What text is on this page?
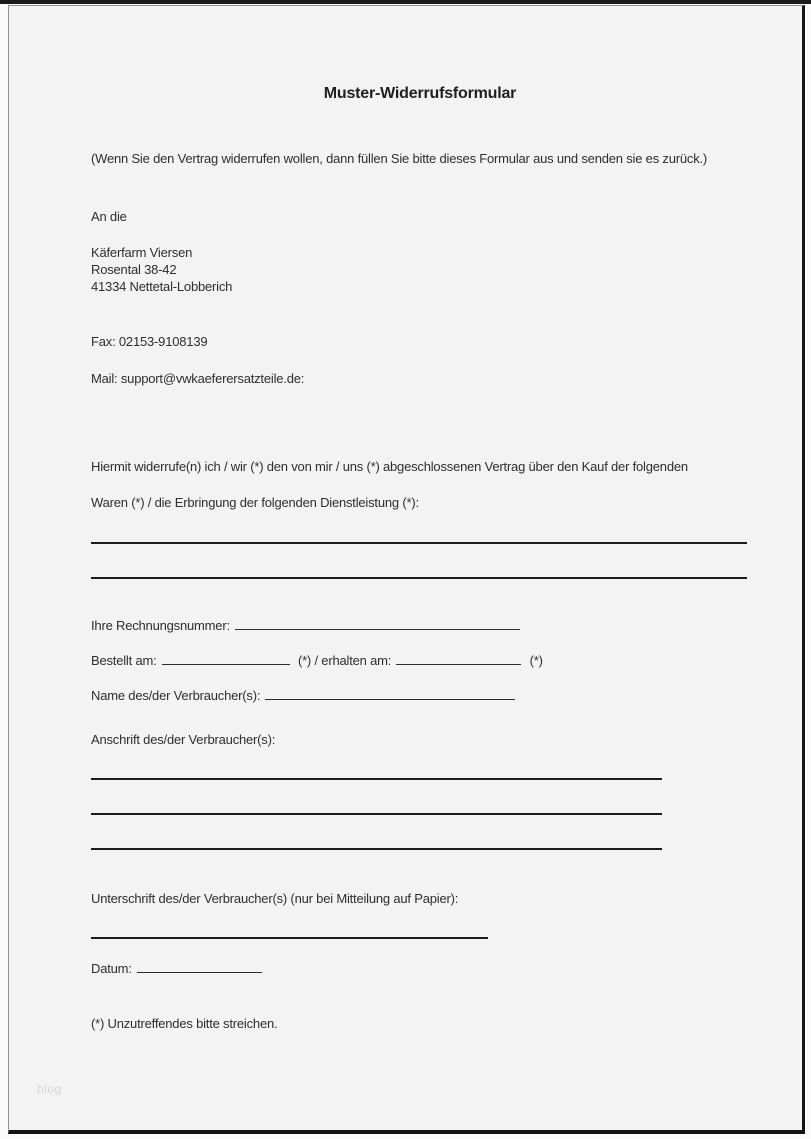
Muster-Widerrufsformular
(Wenn Sie den Vertrag widerrufen wollen, dann füllen Sie bitte dieses Formular aus und senden sie es zurück.)
An die
Käferfarm Viersen
Rosental 38-42
41334 Nettetal-Lobberich
Fax: 02153-9108139
Mail: support@vwkaeferersatzteile.de:
Hiermit widerrufe(n) ich / wir (*) den von mir / uns (*) abgeschlossenen Vertrag über den Kauf der folgenden
Waren (*) / die Erbringung der folgenden Dienstleistung (*):
Ihre Rechnungsnummer:
Bestellt am:	(*) / erhalten am:	(*)
Name des/der Verbraucher(s):
Anschrift des/der Verbraucher(s):
Unterschrift des/der Verbraucher(s) (nur bei Mitteilung auf Papier):
Datum:
(*) Unzutreffendes bitte streichen.
blog
